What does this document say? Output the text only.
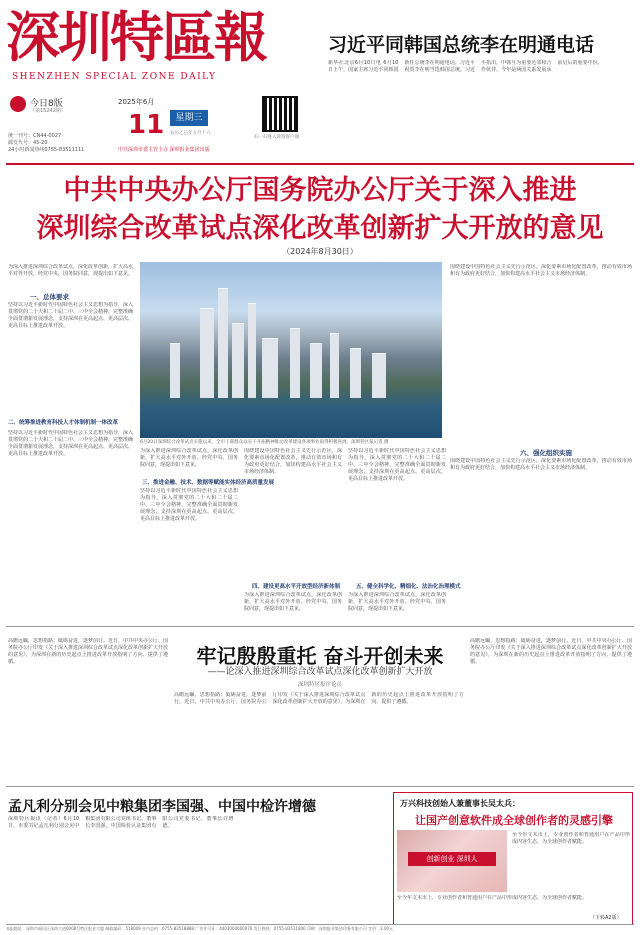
深圳特區報
SHENZHEN SPECIAL ZONE DAILY
习近平同韩国总统李在明通电话
新华社北京6月10日电 6月10日上午，国家主席习近平同韩国新任总统李在明通电话。习近平祝贺李在明当选韩国总统。习近平指出，中韩互为重要近邻和合作伙伴。今年是两国关系发展承前启后的重要年份。
今日8版
（第15242期）
2025年6月
11	星期三
农历乙巳年五月十六
扫一扫进入读特客户端
统一刊号：CN44-0027
邮发代号：45-20
24小时新闻热线0755-83511111	中共深圳市委主管主办 深圳报业集团出版
中共中央办公厅国务院办公厅关于深入推进
深圳综合改革试点深化改革创新扩大开放的意见
（2024年8月30日）
为深入推进深圳综合改革试点，深化改革创新，扩大高水平对外开放，经党中央、国务院同意，现提出如下意见。
一、总体要求
坚持以习近平新时代中国特色社会主义思想为指导，深入贯彻党的二十大和二十届二中、三中全会精神，完整准确全面贯彻新发展理念，支持深圳在更高起点、更高层次、更高目标上推进改革开放。
二、统筹推进教育科技人才体制机制一体改革
坚持以习近平新时代中国特色社会主义思想为指导，深入贯彻党的二十大和二十届二中、三中全会精神，完整准确全面贯彻新发展理念，支持深圳在更高起点、更高层次、更高目标上推进改革开放。
6月20日深圳综合改革试点实施以来，全市干部群众以实干开拓精神推动改革建设各项事业取得积极进展。深圳特区报记者 摄
围绕建设中国特色社会主义先行示范区，深化要素市场化配置改革，推动有效市场和有为政府更好结合，加快构建高水平社会主义市场经济体制。
六、强化组织实施
围绕建设中国特色社会主义先行示范区，深化要素市场化配置改革，推动有效市场和有为政府更好结合，加快构建高水平社会主义市场经济体制。
为深入推进深圳综合改革试点，深化改革创新，扩大高水平对外开放，经党中央、国务院同意，现提出如下意见。
三、推进金融、技术、数据等赋能实体经济高质量发展
坚持以习近平新时代中国特色社会主义思想为指导，深入贯彻党的二十大和二十届二中、三中全会精神，完整准确全面贯彻新发展理念，支持深圳在更高起点、更高层次、更高目标上推进改革开放。
围绕建设中国特色社会主义先行示范区，深化要素市场化配置改革，推动有效市场和有为政府更好结合，加快构建高水平社会主义市场经济体制。
四、建设更高水平开放型经济新体制
为深入推进深圳综合改革试点，深化改革创新，扩大高水平对外开放，经党中央、国务院同意，现提出如下意见。
坚持以习近平新时代中国特色社会主义思想为指导，深入贯彻党的二十大和二十届二中、三中全会精神，完整准确全面贯彻新发展理念，支持深圳在更高起点、更高层次、更高目标上推进改革开放。
五、健全科学化、精细化、法治化治理模式
为深入推进深圳综合改革试点，深化改革创新，扩大高水平对外开放，经党中央、国务院同意，现提出如下意见。
牢记殷殷重托 奋斗开创未来
——论深入推进深圳综合改革试点深化改革创新扩大开放
深圳特区报评论员
高瞻远瞩，思想指路；砥砺奋进，逐梦前行。近日，中共中央办公厅、国务院办公厅印发《关于深入推进深圳综合改革试点深化改革创新扩大开放的意见》，为深圳在新的历史起点上推进改革开放指明了方向、提供了遵循。
高瞻远瞩，思想指路；砥砺奋进，逐梦前行。近日，中共中央办公厅、国务院办公厅印发《关于深入推进深圳综合改革试点深化改革创新扩大开放的意见》，为深圳在新的历史起点上推进改革开放指明了方向、提供了遵循。
高瞻远瞩，思想指路；砥砺奋进，逐梦前行。近日，中共中央办公厅、国务院办公厅印发《关于深入推进深圳综合改革试点深化改革创新扩大开放的意见》，为深圳在新的历史起点上推进改革开放指明了方向、提供了遵循。
孟凡利分别会见中粮集团李国强、中国中检许增德
深圳特区报讯（记者）6月10日，市委书记孟凡利分别会见中粮集团有限公司党组书记、董事长李国强，中国检验认证集团有限公司党委书记、董事长许增德。
万兴科技创始人兼董事长吴太兵：
让国产创意软件成全球创作者的灵感引擎
创新创业 深圳人
至今年文末市上，专业创作者和普通用户在产品中形成内容生态，为全球创作者赋能。
至今年文末市上，专业创作者和普通用户在产品中形成内容生态，为全球创作者赋能。
（下转A2版）
本报地址：深圳市福田区深南大道6008号特区报业大厦 邮政编码：518009 社内总机：0755-83518888 广告许可证：4403004000076 发行热线：0755-83511800 印刷：深圳报业集团印务有限公司 定价：2.00元
